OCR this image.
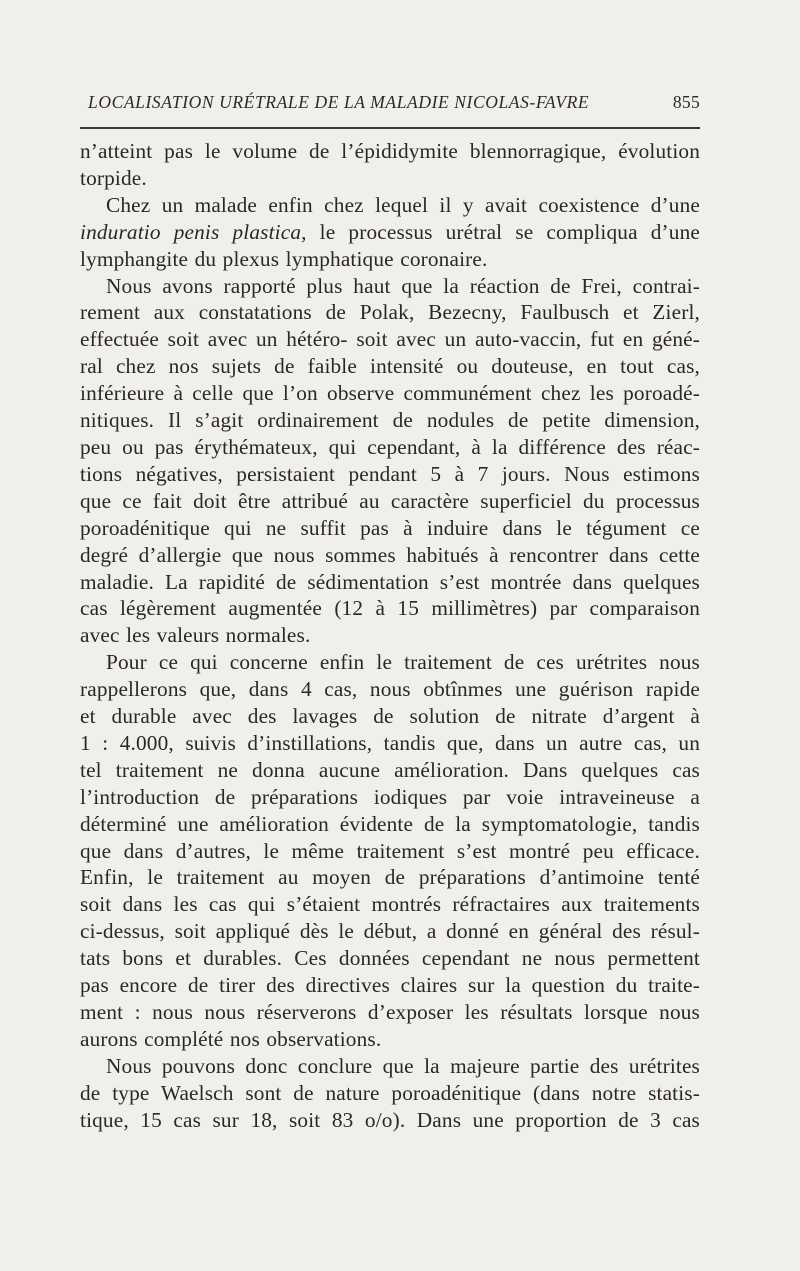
LOCALISATION URÉTRALE DE LA MALADIE NICOLAS-FAVRE	855

n’atteint pas le volume de l’épididymite blennorragique, évolution
torpide.

Chez un malade enfin chez lequel il y avait coexistence d’une
induratio penis plastica, le processus urétral se compliqua d’une
lymphangite du plexus lymphatique coronaire.

Nous avons rapporté plus haut que la réaction de Frei, contrai-
rement aux constatations de Polak, Bezecny, Faulbusch et Zierl,
effectuée soit avec un hétéro- soit avec un auto-vaccin, fut en géné-
ral chez nos sujets de faible intensité ou douteuse, en tout cas,
inférieure à celle que l’on observe communément chez les poroadé-
nitiques. Il s’agit ordinairement de nodules de petite dimension,
peu ou pas érythémateux, qui cependant, à la différence des réac-
tions négatives, persistaient pendant 5 à 7 jours. Nous estimons
que ce fait doit être attribué au caractère superficiel du processus
poroadénitique qui ne suffit pas à induire dans le tégument ce
degré d’allergie que nous sommes habitués à rencontrer dans cette
maladie. La rapidité de sédimentation s’est montrée dans quelques
cas légèrement augmentée (12 à 15 millimètres) par comparaison
avec les valeurs normales.

Pour ce qui concerne enfin le traitement de ces urétrites nous
rappellerons que, dans 4 cas, nous obtînmes une guérison rapide
et durable avec des lavages de solution de nitrate d’argent à
1 : 4.000, suivis d’instillations, tandis que, dans un autre cas, un
tel traitement ne donna aucune amélioration. Dans quelques cas
l’introduction de préparations iodiques par voie intraveineuse a
déterminé une amélioration évidente de la symptomatologie, tandis
que dans d’autres, le même traitement s’est montré peu efficace.
Enfin, le traitement au moyen de préparations d’antimoine tenté
soit dans les cas qui s’étaient montrés réfractaires aux traitements
ci-dessus, soit appliqué dès le début, a donné en général des résul-
tats bons et durables. Ces données cependant ne nous permettent
pas encore de tirer des directives claires sur la question du traite-
ment : nous nous réserverons d’exposer les résultats lorsque nous
aurons complété nos observations.

Nous pouvons donc conclure que la majeure partie des urétrites
de type Waelsch sont de nature poroadénitique (dans notre statis-
tique, 15 cas sur 18, soit 83 o/o). Dans une proportion de 3 cas
